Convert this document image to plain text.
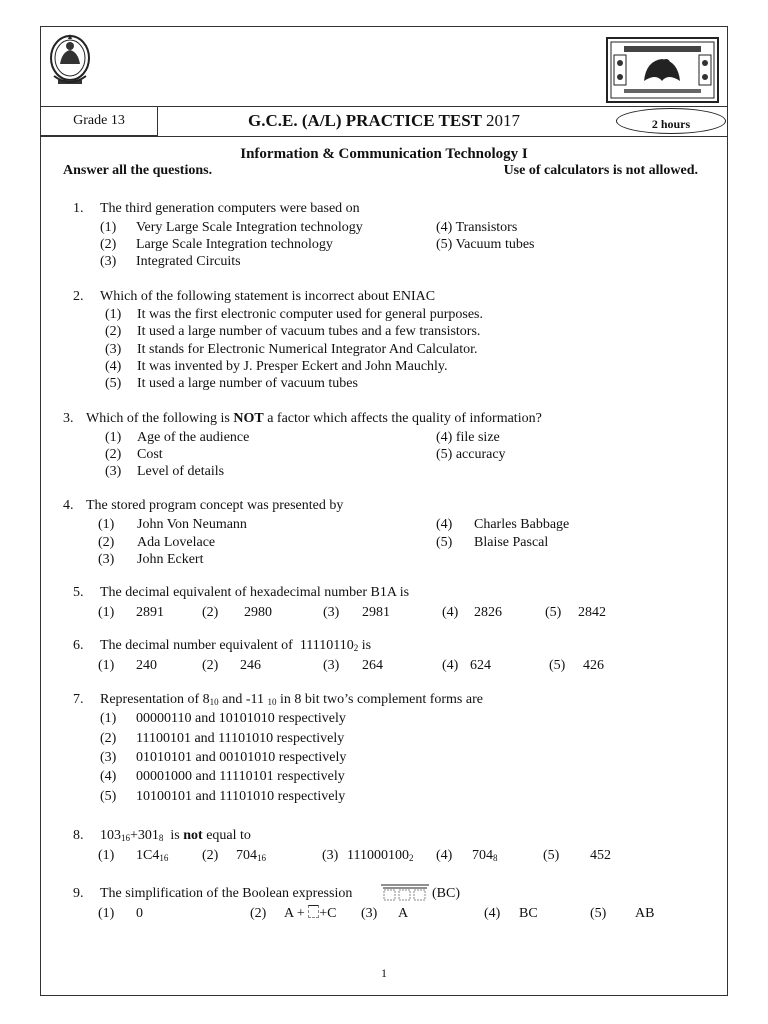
Grade 13	G.C.E. (A/L) PRACTICE TEST 2017	2 hours
Information & Communication Technology I
Answer all the questions.	Use of calculators is not allowed.
1. The third generation computers were based on
(1) Very Large Scale Integration technology
(2) Large Scale Integration technology
(3) Integrated Circuits
(4) Transistors
(5) Vacuum tubes
2. Which of the following statement is incorrect about ENIAC
(1) It was the first electronic computer used for general purposes.
(2) It used a large number of vacuum tubes and a few transistors.
(3) It stands for Electronic Numerical Integrator And Calculator.
(4) It was invented by J. Presper Eckert and John Mauchly.
(5) It used a large number of vacuum tubes
3. Which of the following is NOT a factor which affects the quality of information?
(1) Age of the audience
(2) Cost
(3) Level of details
(4) file size
(5) accuracy
4. The stored program concept was presented by
(1) John Von Neumann
(2) Ada Lovelace
(3) John Eckert
(4) Charles Babbage
(5) Blaise Pascal
5. The decimal equivalent of hexadecimal number B1A is
(1) 2891	(2) 2980	(3) 2981	(4) 2826	(5) 2842
6. The decimal number equivalent of $11110110_2$ is
(1) 240	(2) 246	(3) 264	(4) 624	(5) 426
7. Representation of $8_{10}$ and -11 $_{10}$ in 8 bit two’s complement forms are
(1) 00000110 and 10101010 respectively
(2) 11100101 and 11101010 respectively
(3) 01010101 and 00101010 respectively
(4) 00001000 and 11110101 respectively
(5) 10100101 and 11101010 respectively
8. $103_{16}+301_8$ is not equal to
(1) $1C4_{16}$ (2) $704_{16}$	(3) $111000100_2$ (4) $704_8$	(5) 452
9. The simplification of the Boolean expression	(BC)
(1) 0	(2) A + +C (3) A	(4) BC	(5) AB
1
